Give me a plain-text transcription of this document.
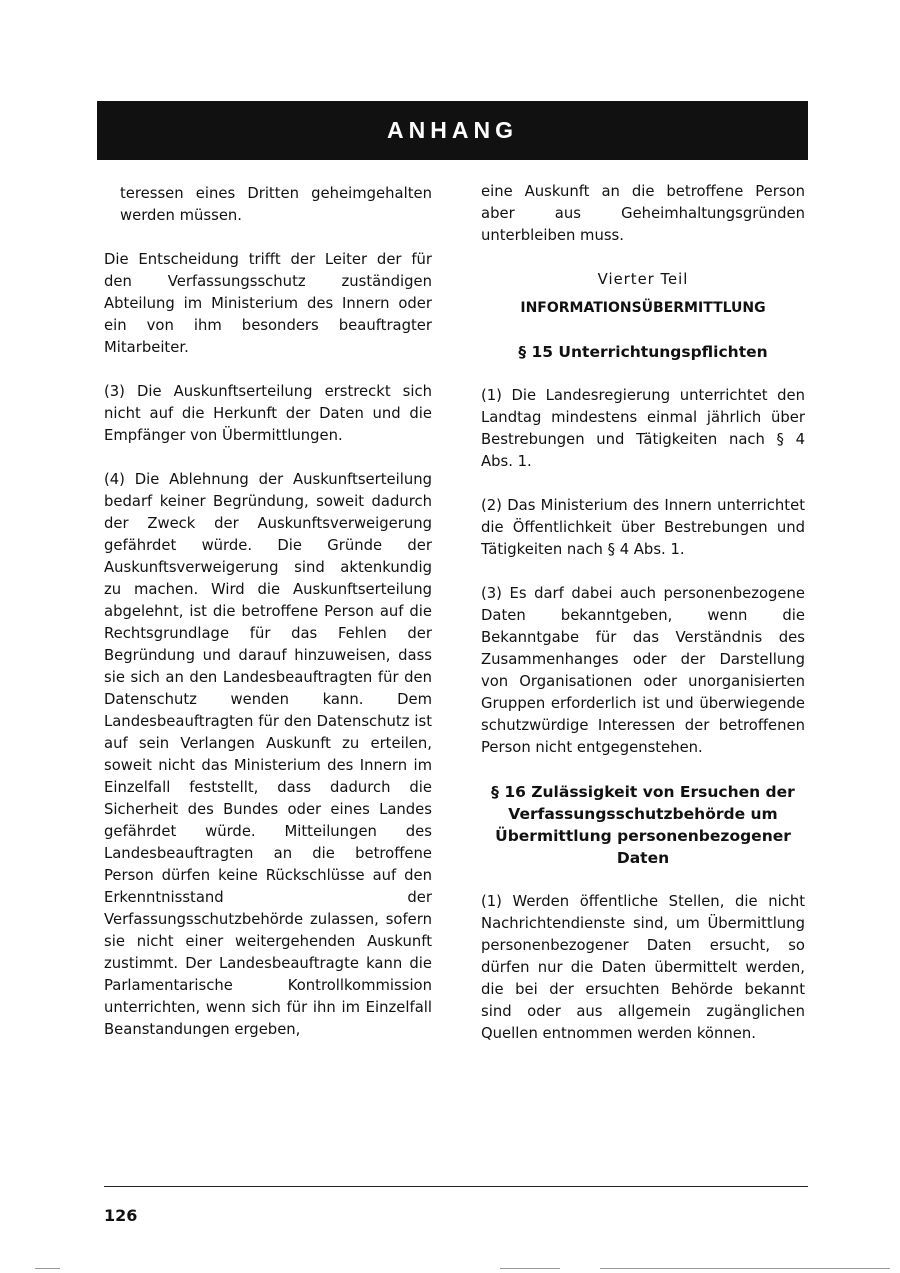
ANHANG

teressen eines Dritten geheimgehalten werden müssen.

Die Entscheidung trifft der Leiter der für den Verfassungsschutz zuständigen Abteilung im Ministerium des Innern oder ein von ihm besonders beauftragter Mitarbeiter.

(3) Die Auskunftserteilung erstreckt sich nicht auf die Herkunft der Daten und die Empfänger von Übermittlungen.

(4) Die Ablehnung der Auskunftserteilung bedarf keiner Begründung, soweit dadurch der Zweck der Auskunftsverweigerung gefährdet würde. Die Gründe der Auskunftsverweigerung sind aktenkundig zu machen. Wird die Auskunftserteilung abgelehnt, ist die betroffene Person auf die Rechtsgrundlage für das Fehlen der Begründung und darauf hinzuweisen, dass sie sich an den Landesbeauftragten für den Datenschutz wenden kann. Dem Landesbeauftragten für den Datenschutz ist auf sein Verlangen Auskunft zu erteilen, soweit nicht das Ministerium des Innern im Einzelfall feststellt, dass dadurch die Sicherheit des Bundes oder eines Landes gefährdet würde. Mitteilungen des Landesbeauftragten an die betroffene Person dürfen keine Rückschlüsse auf den Erkenntnisstand der Verfassungsschutzbehörde zulassen, sofern sie nicht einer weitergehenden Auskunft zustimmt. Der Landesbeauftragte kann die Parlamentarische Kontrollkommission unterrichten, wenn sich für ihn im Einzelfall Beanstandungen ergeben,

eine Auskunft an die betroffene Person aber aus Geheimhaltungsgründen unterbleiben muss.

Vierter Teil
INFORMATIONSÜBERMITTLUNG
§ 15 Unterrichtungspflichten

(1) Die Landesregierung unterrichtet den Landtag mindestens einmal jährlich über Bestrebungen und Tätigkeiten nach § 4 Abs. 1.

(2) Das Ministerium des Innern unterrichtet die Öffentlichkeit über Bestrebungen und Tätigkeiten nach § 4 Abs. 1.

(3) Es darf dabei auch personenbezogene Daten bekanntgeben, wenn die Bekanntgabe für das Verständnis des Zusammenhanges oder der Darstellung von Organisationen oder unorganisierten Gruppen erforderlich ist und überwiegende schutzwürdige Interessen der betroffenen Person nicht entgegenstehen.

§ 16 Zulässigkeit von Ersuchen der Verfassungsschutzbehörde um Übermittlung personenbezogener Daten

(1) Werden öffentliche Stellen, die nicht Nachrichtendienste sind, um Übermittlung personenbezogener Daten ersucht, so dürfen nur die Daten übermittelt werden, die bei der ersuchten Behörde bekannt sind oder aus allgemein zugänglichen Quellen entnommen werden können.

126
